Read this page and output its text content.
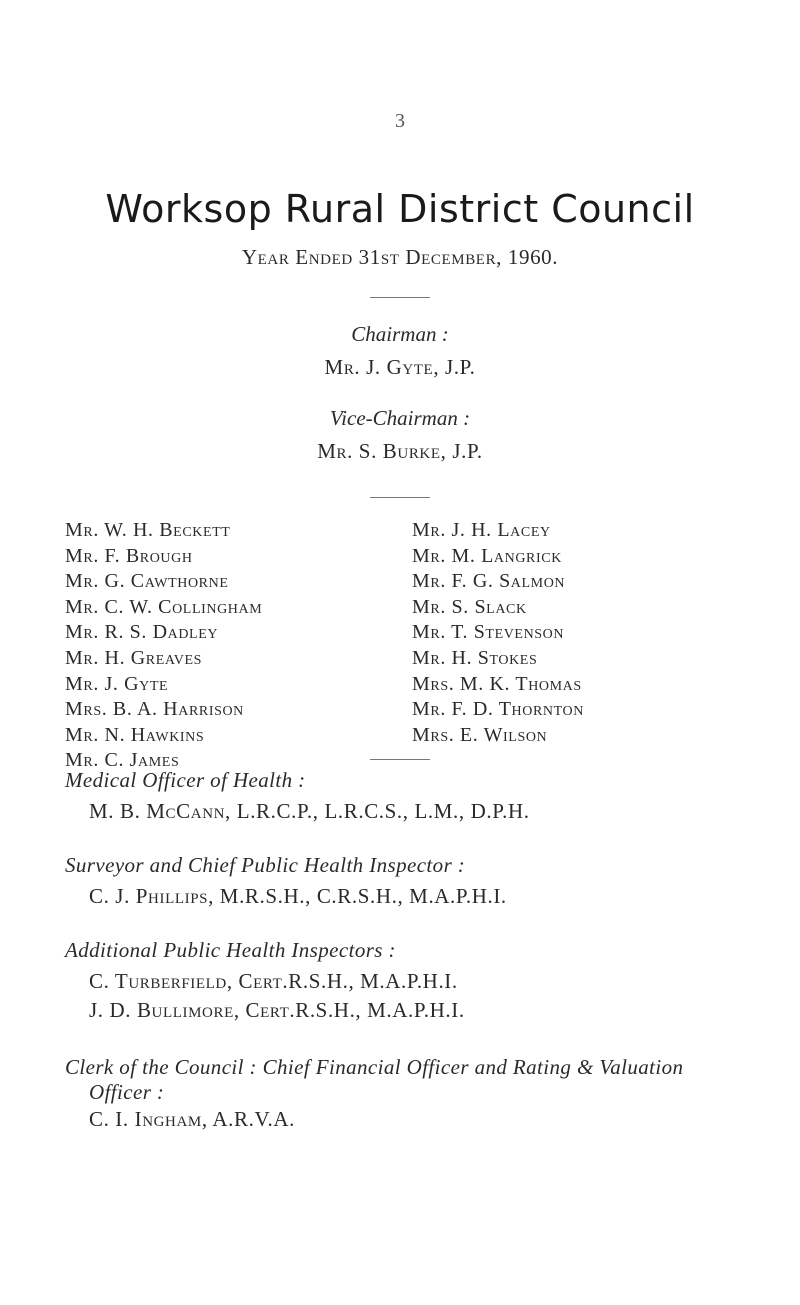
3
Worksop Rural District Council
Year Ended 31st December, 1960.
Chairman :
Mr. J. Gyte, J.P.
Vice-Chairman :
Mr. S. Burke, J.P.
Mr. W. H. Beckett
Mr. F. Brough
Mr. G. Cawthorne
Mr. C. W. Collingham
Mr. R. S. Dadley
Mr. H. Greaves
Mr. J. Gyte
Mrs. B. A. Harrison
Mr. N. Hawkins
Mr. C. James
Mr. J. H. Lacey
Mr. M. Langrick
Mr. F. G. Salmon
Mr. S. Slack
Mr. T. Stevenson
Mr. H. Stokes
Mrs. M. K. Thomas
Mr. F. D. Thornton
Mrs. E. Wilson
Medical Officer of Health :
M. B. McCann, L.R.C.P., L.R.C.S., L.M., D.P.H.
Surveyor and Chief Public Health Inspector :
C. J. Phillips, M.R.S.H., C.R.S.H., M.A.P.H.I.
Additional Public Health Inspectors :
C. Turberfield, Cert.R.S.H., M.A.P.H.I.
J. D. Bullimore, Cert.R.S.H., M.A.P.H.I.
Clerk of the Council : Chief Financial Officer and Rating & Valuation
Officer :
C. I. Ingham, A.R.V.A.
